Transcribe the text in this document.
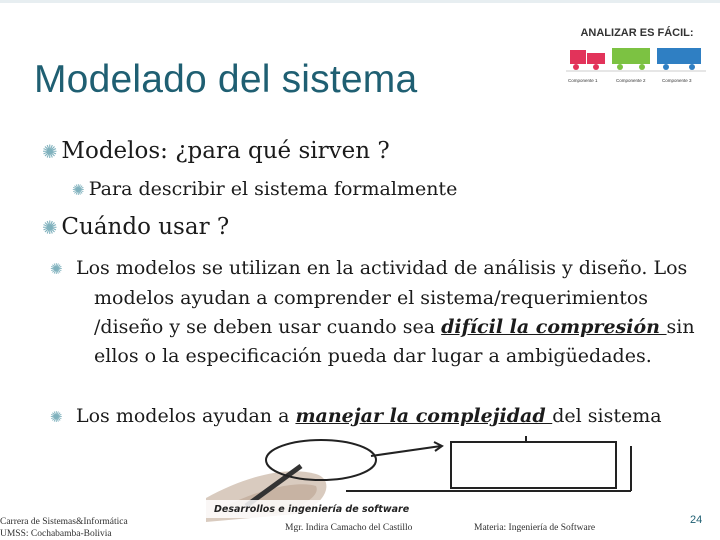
Modelado del sistema
ANALIZAR ES FÁCIL:
Componente 1	Componente 2	Componente 3
✺ Modelos: ¿para qué sirven ?
✺ Para describir el sistema formalmente
✺ Cuándo usar ?
✺ Los modelos se utilizan en la actividad de análisis y diseño. Los modelos ayudan a comprender el sistema/requerimientos /diseño y se deben usar cuando sea difícil la compresión sin ellos o la especificación pueda dar lugar a ambigüedades.
✺ Los modelos ayudan a manejar la complejidad del sistema
Desarrollos e ingeniería de software
Carrera de Sistemas&Informática
UMSS: Cochabamba-Bolivia
Mgr. Indira Camacho del Castillo	Materia: Ingeniería de Software
24
